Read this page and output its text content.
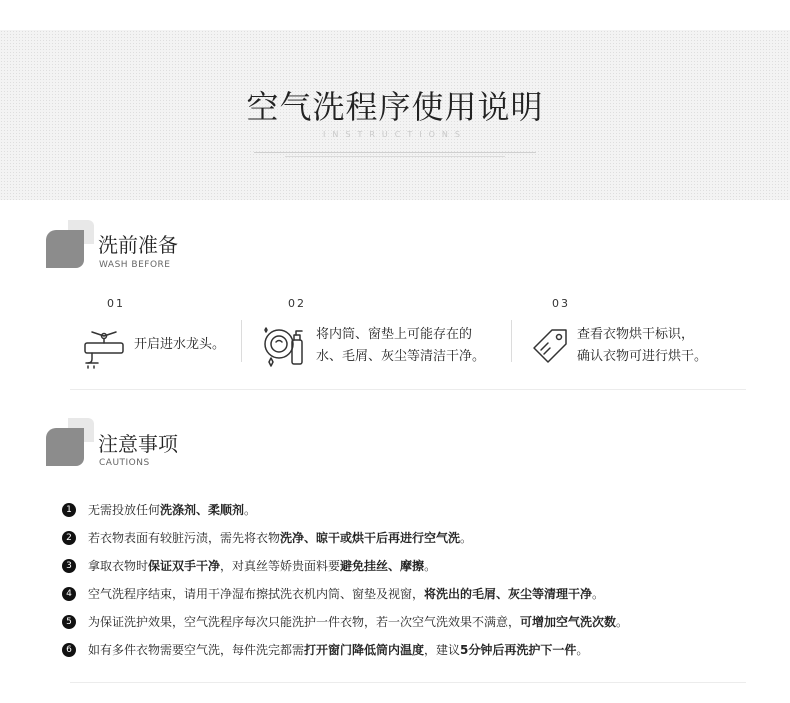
空气洗程序使用说明
INSTRUCTIONS
洗前准备
WASH BEFORE
01
开启进水龙头。
02
将内筒、窗垫上可能存在的
水、毛屑、灰尘等清洁干净。
03
查看衣物烘干标识，
确认衣物可进行烘干。
注意事项
CAUTIONS
1 无需投放任何洗涤剂、柔顺剂。
2 若衣物表面有较脏污渍，需先将衣物洗净、晾干或烘干后再进行空气洗。
3 拿取衣物时保证双手干净，对真丝等娇贵面料要避免挂丝、摩擦。
4 空气洗程序结束，请用干净湿布擦拭洗衣机内筒、窗垫及视窗，将洗出的毛屑、灰尘等清理干净。
5 为保证洗护效果，空气洗程序每次只能洗护一件衣物，若一次空气洗效果不满意，可增加空气洗次数。
6 如有多件衣物需要空气洗，每件洗完都需打开窗门降低筒内温度，建议5分钟后再洗护下一件。
